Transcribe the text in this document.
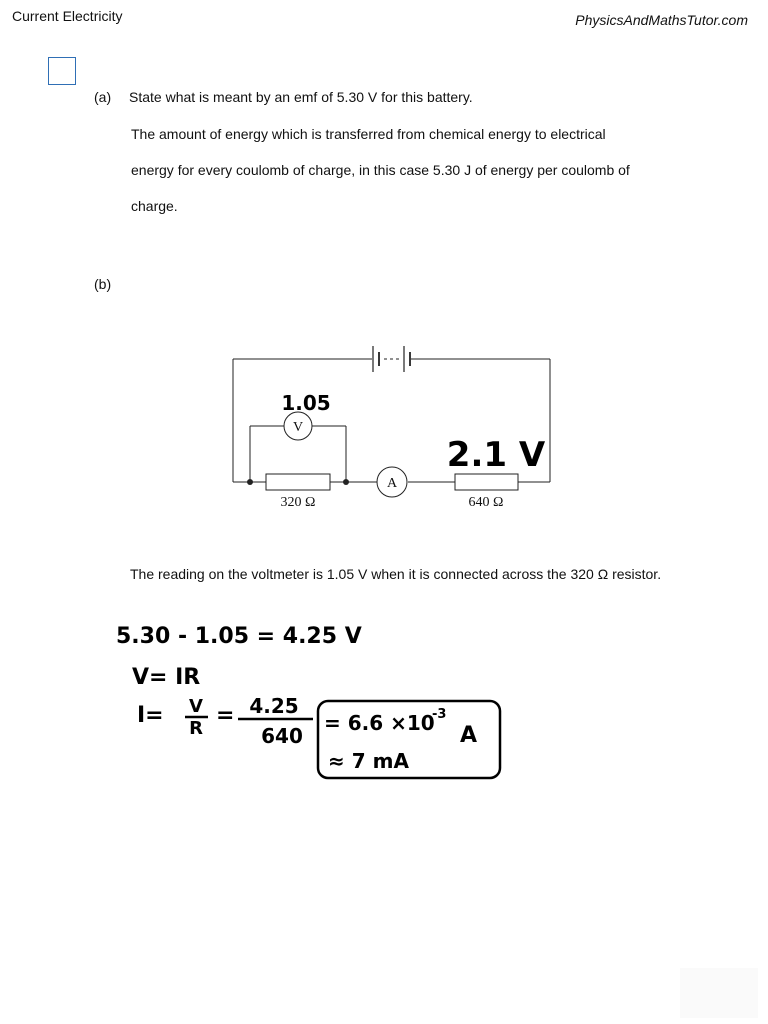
Current Electricity	PhysicsAndMathsTutor.com
(a) State what is meant by an emf of 5.30 V for this battery.
The amount of energy which is transferred from chemical energy to electrical
energy for every coulomb of charge, in this case 5.30 J of energy per coulomb of
charge.
(b)
V
A
320 Ω	640 Ω
1.05
2.1 V
The reading on the voltmeter is 1.05 V when it is connected across the 320 Ω resistor.
5.30 - 1.05 = 4.25 V
V= IR
I= V
R
= 4.25
640
= 6.6 ×10
-3
A
≈ 7 mA
